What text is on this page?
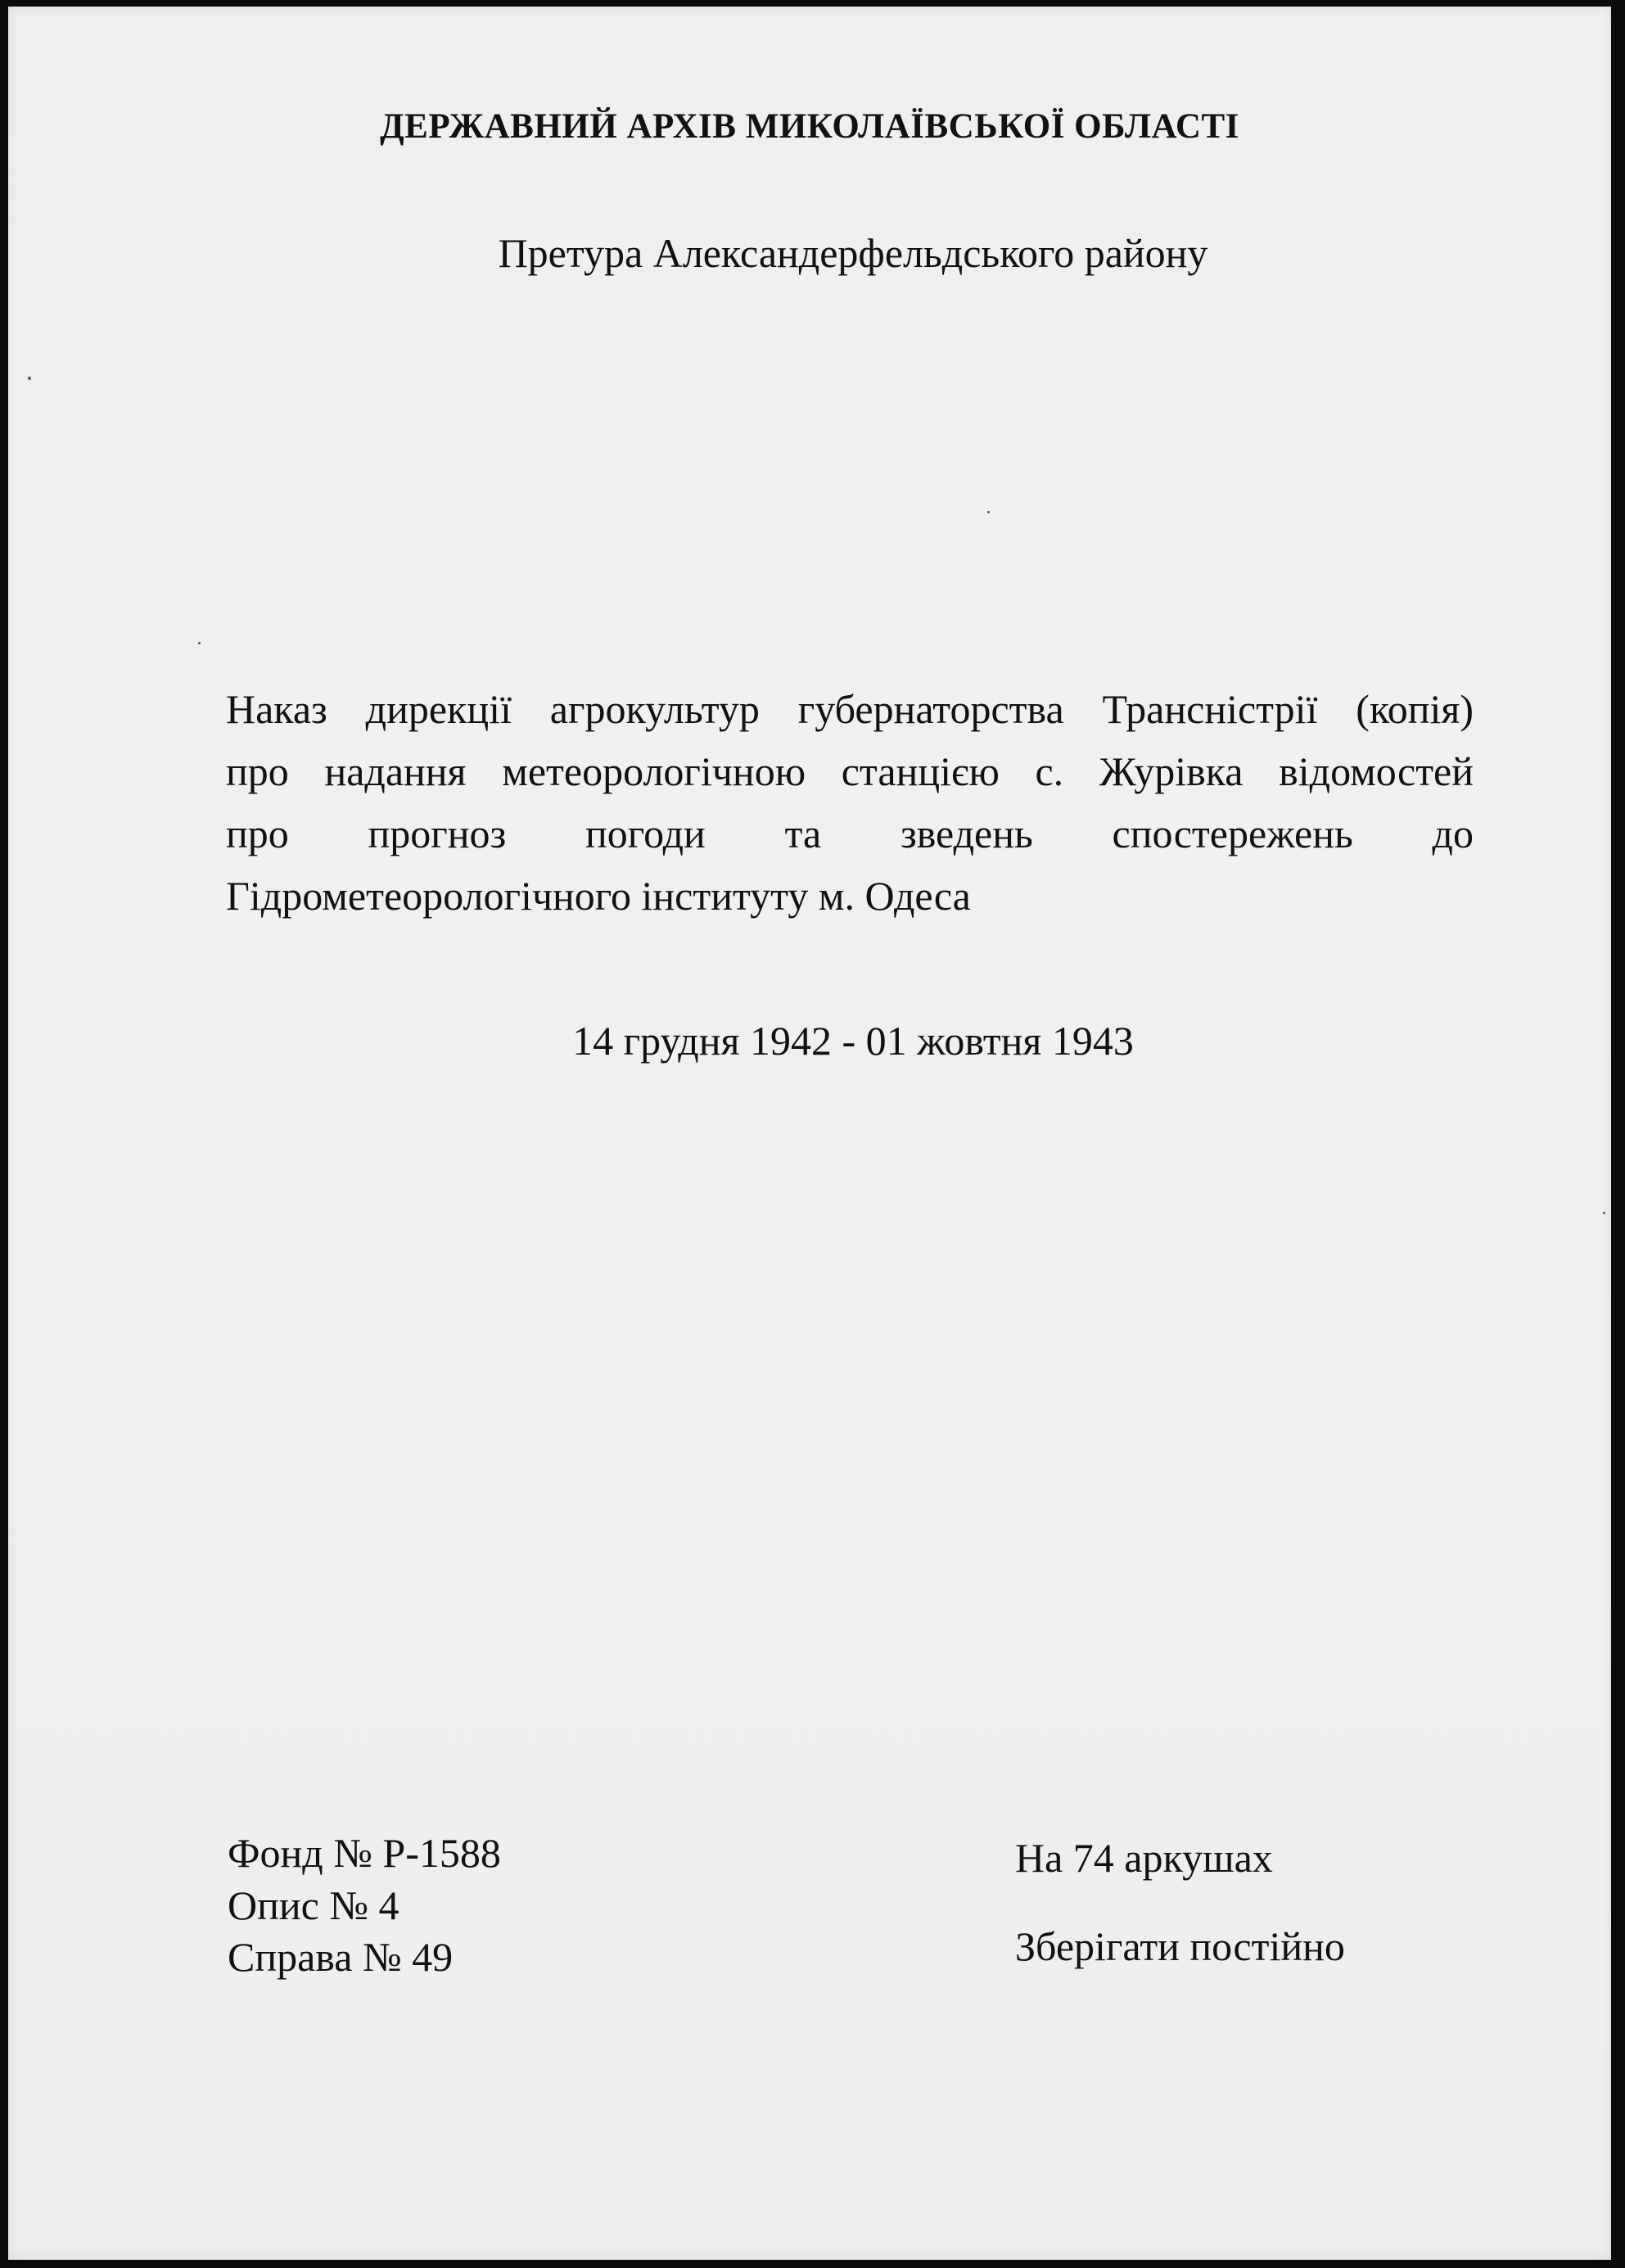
ДЕРЖАВНИЙ АРХІВ МИКОЛАЇВСЬКОЇ ОБЛАСТІ

Претура Александерфельдського району

Наказ дирекції агрокультур губернаторства Трансністрії (копія)
про надання метеорологічною станцією с. Журівка відомостей
про прогноз погоди та зведень спостережень до
Гідрометеорологічного інституту м. Одеса

14 грудня 1942 - 01 жовтня 1943

Фонд № Р-1588

Опис № 4

Справа № 49

На 74 аркушах

Зберігати постійно
